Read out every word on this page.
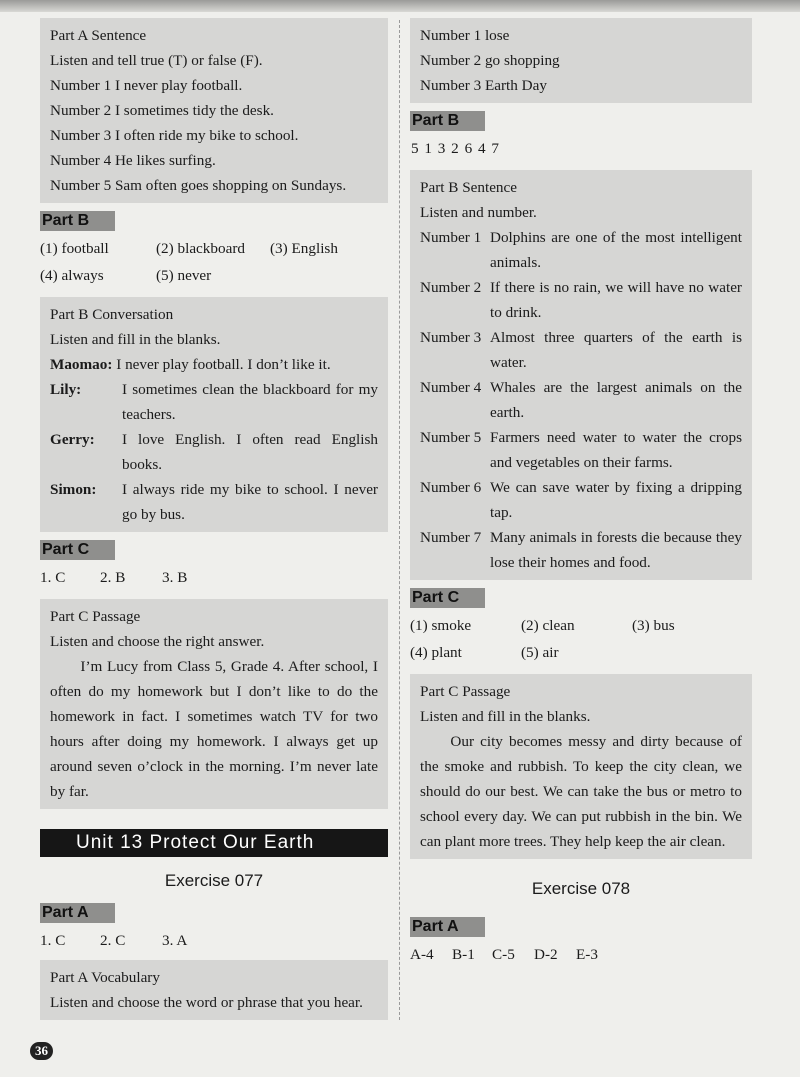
Part A Sentence
Listen and tell true (T) or false (F).
Number 1 I never play football.
Number 2 I sometimes tidy the desk.
Number 3 I often ride my bike to school.
Number 4 He likes surfing.
Number 5 Sam often goes shopping on Sundays.
Part B
(1) football	(2) blackboard	(3) English
(4) always	(5) never
Part B Conversation
Listen and fill in the blanks.
Maomao: I never play football. I don’t like it.
Lily:	I sometimes clean the blackboard for my teachers.
Gerry:	I love English. I often read English books.
Simon:	I always ride my bike to school. I never go by bus.
Part C
1. C	2. B	3. B
Part C Passage
Listen and choose the right answer.
I’m Lucy from Class 5, Grade 4. After school, I often do my homework but I don’t like to do the homework in fact. I sometimes watch TV for two hours after doing my homework. I always get up around seven o’clock in the morning. I’m never late by far.
Unit 13 Protect Our Earth
Exercise 077
Part A
1. C	2. C	3. A
Part A Vocabulary
Listen and choose the word or phrase that you hear.
Number 1 lose
Number 2 go shopping
Number 3 Earth Day
Part B
5 1 3 2 6 4 7
Part B Sentence
Listen and number.
Number 1 Dolphins are one of the most intelligent animals.
Number 2 If there is no rain, we will have no water to drink.
Number 3 Almost three quarters of the earth is water.
Number 4 Whales are the largest animals on the earth.
Number 5 Farmers need water to water the crops and vegetables on their farms.
Number 6 We can save water by fixing a dripping tap.
Number 7 Many animals in forests die because they lose their homes and food.
Part C
(1) smoke	(2) clean	(3) bus
(4) plant	(5) air
Part C Passage
Listen and fill in the blanks.
Our city becomes messy and dirty because of the smoke and rubbish. To keep the city clean, we should do our best. We can take the bus or metro to school every day. We can put rubbish in the bin. We can plant more trees. They help keep the air clean.
Exercise 078
Part A
A-4	B-1	C-5	D-2	E-3
36
